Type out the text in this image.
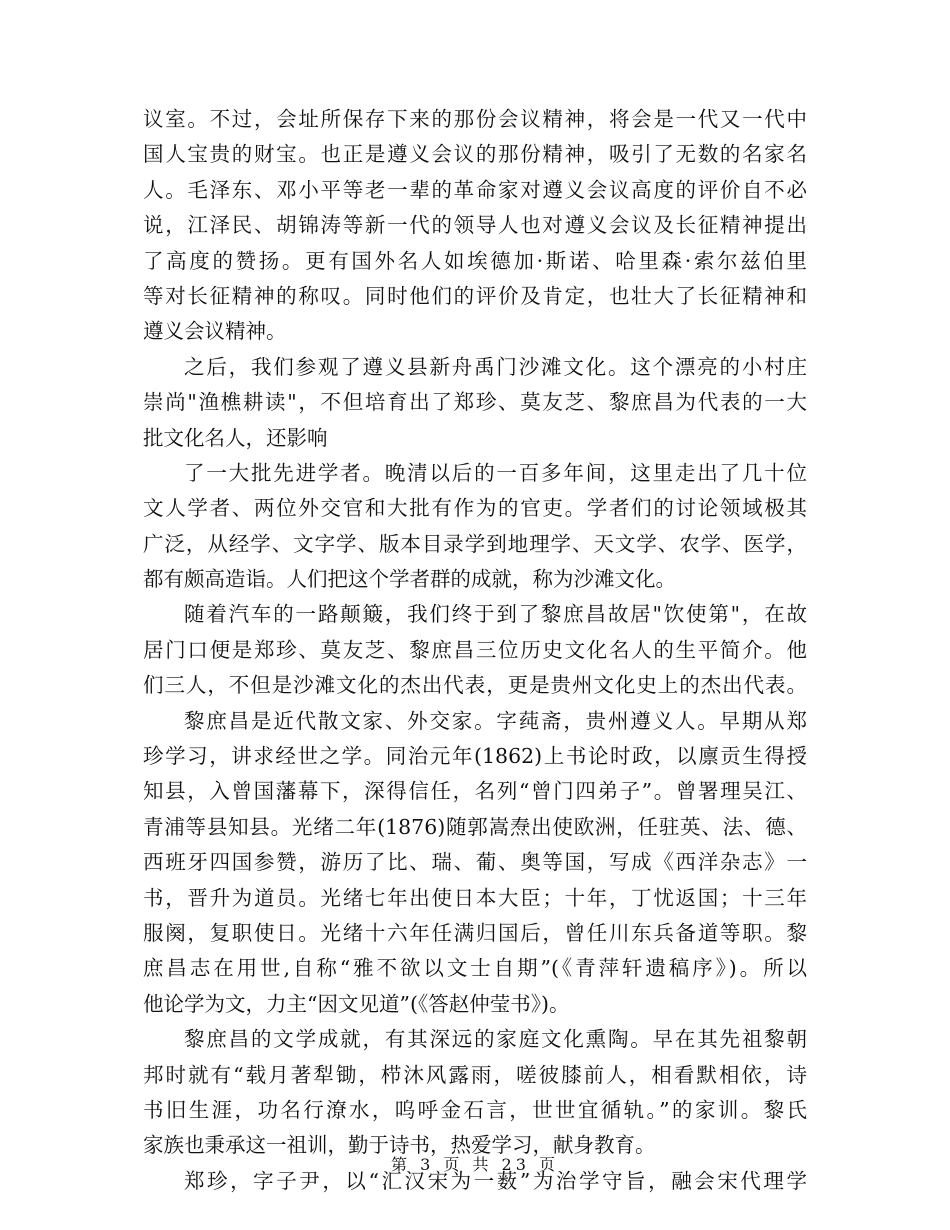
议室。不过，会址所保存下来的那份会议精神，将会是一代又一代中
国人宝贵的财宝。也正是遵义会议的那份精神，吸引了无数的名家名
人。毛泽东、邓小平等老一辈的革命家对遵义会议高度的评价自不必
说，江泽民、胡锦涛等新一代的领导人也对遵义会议及长征精神提出
了高度的赞扬。更有国外名人如埃德加·斯诺、哈里森·索尔兹伯里
等对长征精神的称叹。同时他们的评价及肯定，也壮大了长征精神和
遵义会议精神。
之后，我们参观了遵义县新舟禹门沙滩文化。这个漂亮的小村庄
崇尚"渔樵耕读"，不但培育出了郑珍、莫友芝、黎庶昌为代表的一大
批文化名人，还影响
了一大批先进学者。晚清以后的一百多年间，这里走出了几十位
文人学者、两位外交官和大批有作为的官吏。学者们的讨论领域极其
广泛，从经学、文字学、版本目录学到地理学、天文学、农学、医学，
都有颇高造诣。人们把这个学者群的成就，称为沙滩文化。
随着汽车的一路颠簸，我们终于到了黎庶昌故居"饮使第"，在故
居门口便是郑珍、莫友芝、黎庶昌三位历史文化名人的生平简介。他
们三人，不但是沙滩文化的杰出代表，更是贵州文化史上的杰出代表。
黎庶昌是近代散文家、外交家。字莼斋，贵州遵义人。早期从郑
珍学习，讲求经世之学。同治元年(1862)上书论时政，以廪贡生得授
知县，入曾国藩幕下，深得信任，名列“曾门四弟子”。曾署理吴江、
青浦等县知县。光绪二年(1876)随郭嵩焘出使欧洲，任驻英、法、德、
西班牙四国参赞，游历了比、瑞、葡、奥等国，写成《西洋杂志》一
书，晋升为道员。光绪七年出使日本大臣；十年，丁忧返国；十三年
服阕，复职使日。光绪十六年任满归国后，曾任川东兵备道等职。黎
庶昌志在用世,自称“雅不欲以文士自期”(《青萍轩遗稿序》)。所以
他论学为文，力主“因文见道”(《答赵仲莹书》)。
黎庶昌的文学成就，有其深远的家庭文化熏陶。早在其先祖黎朝
邦时就有“载月著犁锄，栉沐风露雨，嗟彼膝前人，相看默相依，诗
书旧生涯，功名行潦水，呜呼金石言，世世宜循轨。”的家训。黎氏
家族也秉承这一祖训，勤于诗书，热爱学习，献身教育。
郑珍，字子尹，以“汇汉宋为一薮”为治学守旨，融会宋代理学
第 3 页 共 23 页
